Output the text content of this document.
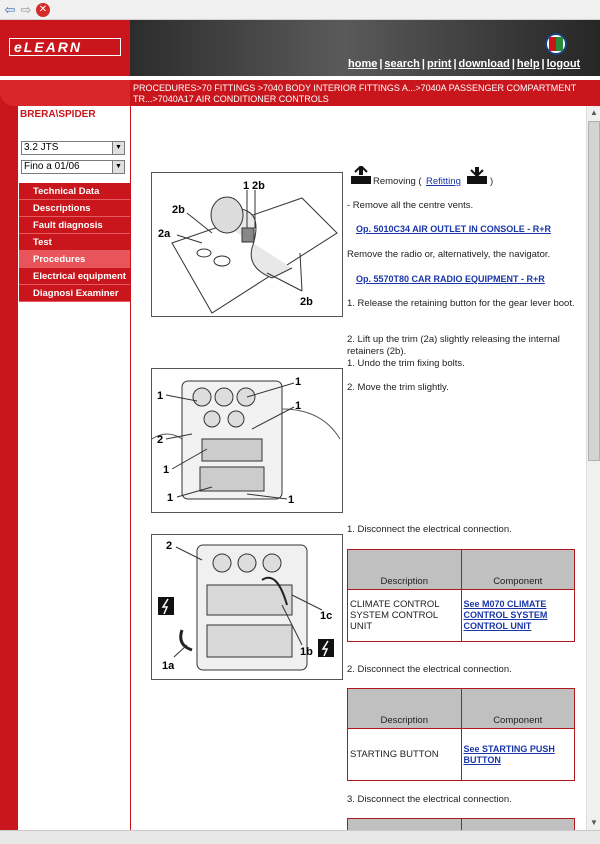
⇦ ⇨ ✕
eLEARN
home | search | print | download | help | logout
BRERA\SPIDER
3.2 JTS	▼
Fino a 01/06	▼
Technical Data
Descriptions
Fault diagnosis
Test
Procedures
Electrical equipment
Diagnosi Examiner
PROCEDURES>70 FITTINGS >7040 BODY INTERIOR FITTINGS A...>7040A PASSENGER COMPARTMENT TR...>7040A17 AIR CONDITIONER CONTROLS
1 2b
2b
2a
2b
Removing ( Refitting	)
- Remove all the centre vents.
Op. 5010C34 AIR OUTLET IN CONSOLE - R+R
Remove the radio or, alternatively, the navigator.
Op. 5570T80 CAR RADIO EQUIPMENT - R+R
1. Release the retaining button for the gear lever boot.
2. Lift up the trim (2a) slightly releasing the internal retainers (2b).
1. Undo the trim fixing bolts.
2. Move the trim slightly.
1
1
1
2
1
1	1
1. Disconnect the electrical connection.
2
1c
1b
1a
Description	Component
CLIMATE CONTROL SYSTEM CONTROL UNIT	See M070 CLIMATE CONTROL SYSTEM CONTROL UNIT
2. Disconnect the electrical connection.
Description	Component
STARTING BUTTON	See STARTING PUSH BUTTON
3. Disconnect the electrical connection.
▲
▼
